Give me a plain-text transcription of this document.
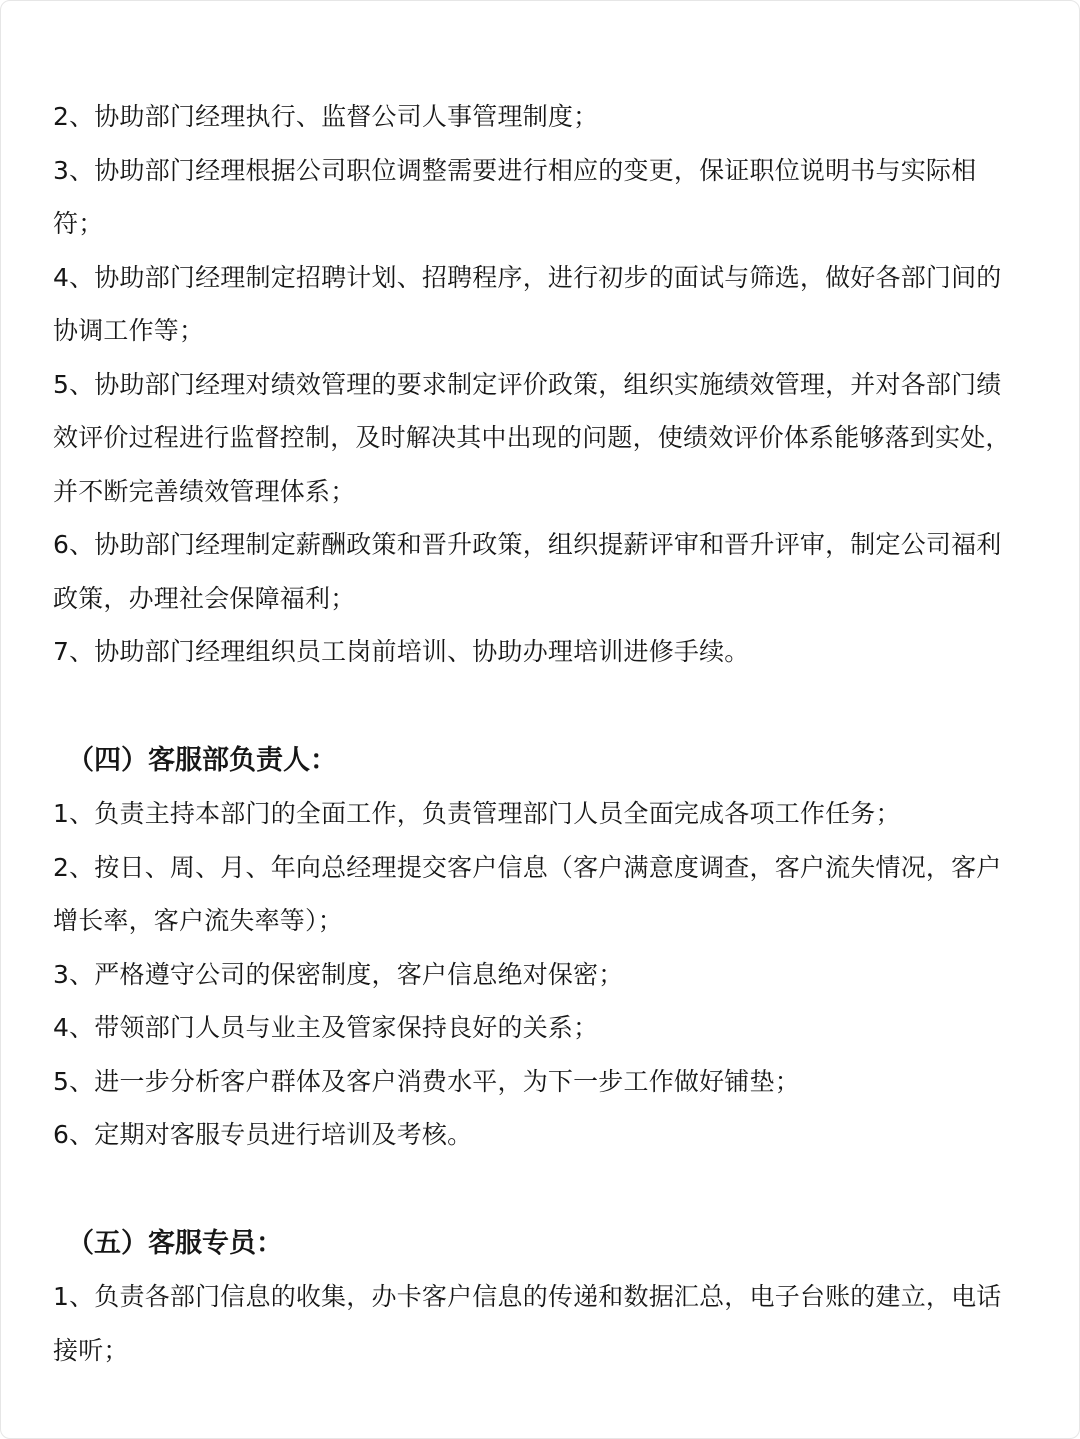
2、协助部门经理执行、监督公司人事管理制度；

3、协助部门经理根据公司职位调整需要进行相应的变更，保证职位说明书与实际相符；

4、协助部门经理制定招聘计划、招聘程序，进行初步的面试与筛选，做好各部门间的协调工作等；

5、协助部门经理对绩效管理的要求制定评价政策，组织实施绩效管理，并对各部门绩效评价过程进行监督控制，及时解决其中出现的问题，使绩效评价体系能够落到实处，并不断完善绩效管理体系；

6、协助部门经理制定薪酬政策和晋升政策，组织提薪评审和晋升评审，制定公司福利政策，办理社会保障福利；

7、协助部门经理组织员工岗前培训、协助办理培训进修手续。

（四）客服部负责人：

1、负责主持本部门的全面工作，负责管理部门人员全面完成各项工作任务；

2、按日、周、月、年向总经理提交客户信息（客户满意度调查，客户流失情况，客户增长率，客户流失率等）；

3、严格遵守公司的保密制度，客户信息绝对保密；

4、带领部门人员与业主及管家保持良好的关系；

5、进一步分析客户群体及客户消费水平，为下一步工作做好铺垫；

6、定期对客服专员进行培训及考核。

（五）客服专员：

1、负责各部门信息的收集，办卡客户信息的传递和数据汇总，电子台账的建立，电话接听；
